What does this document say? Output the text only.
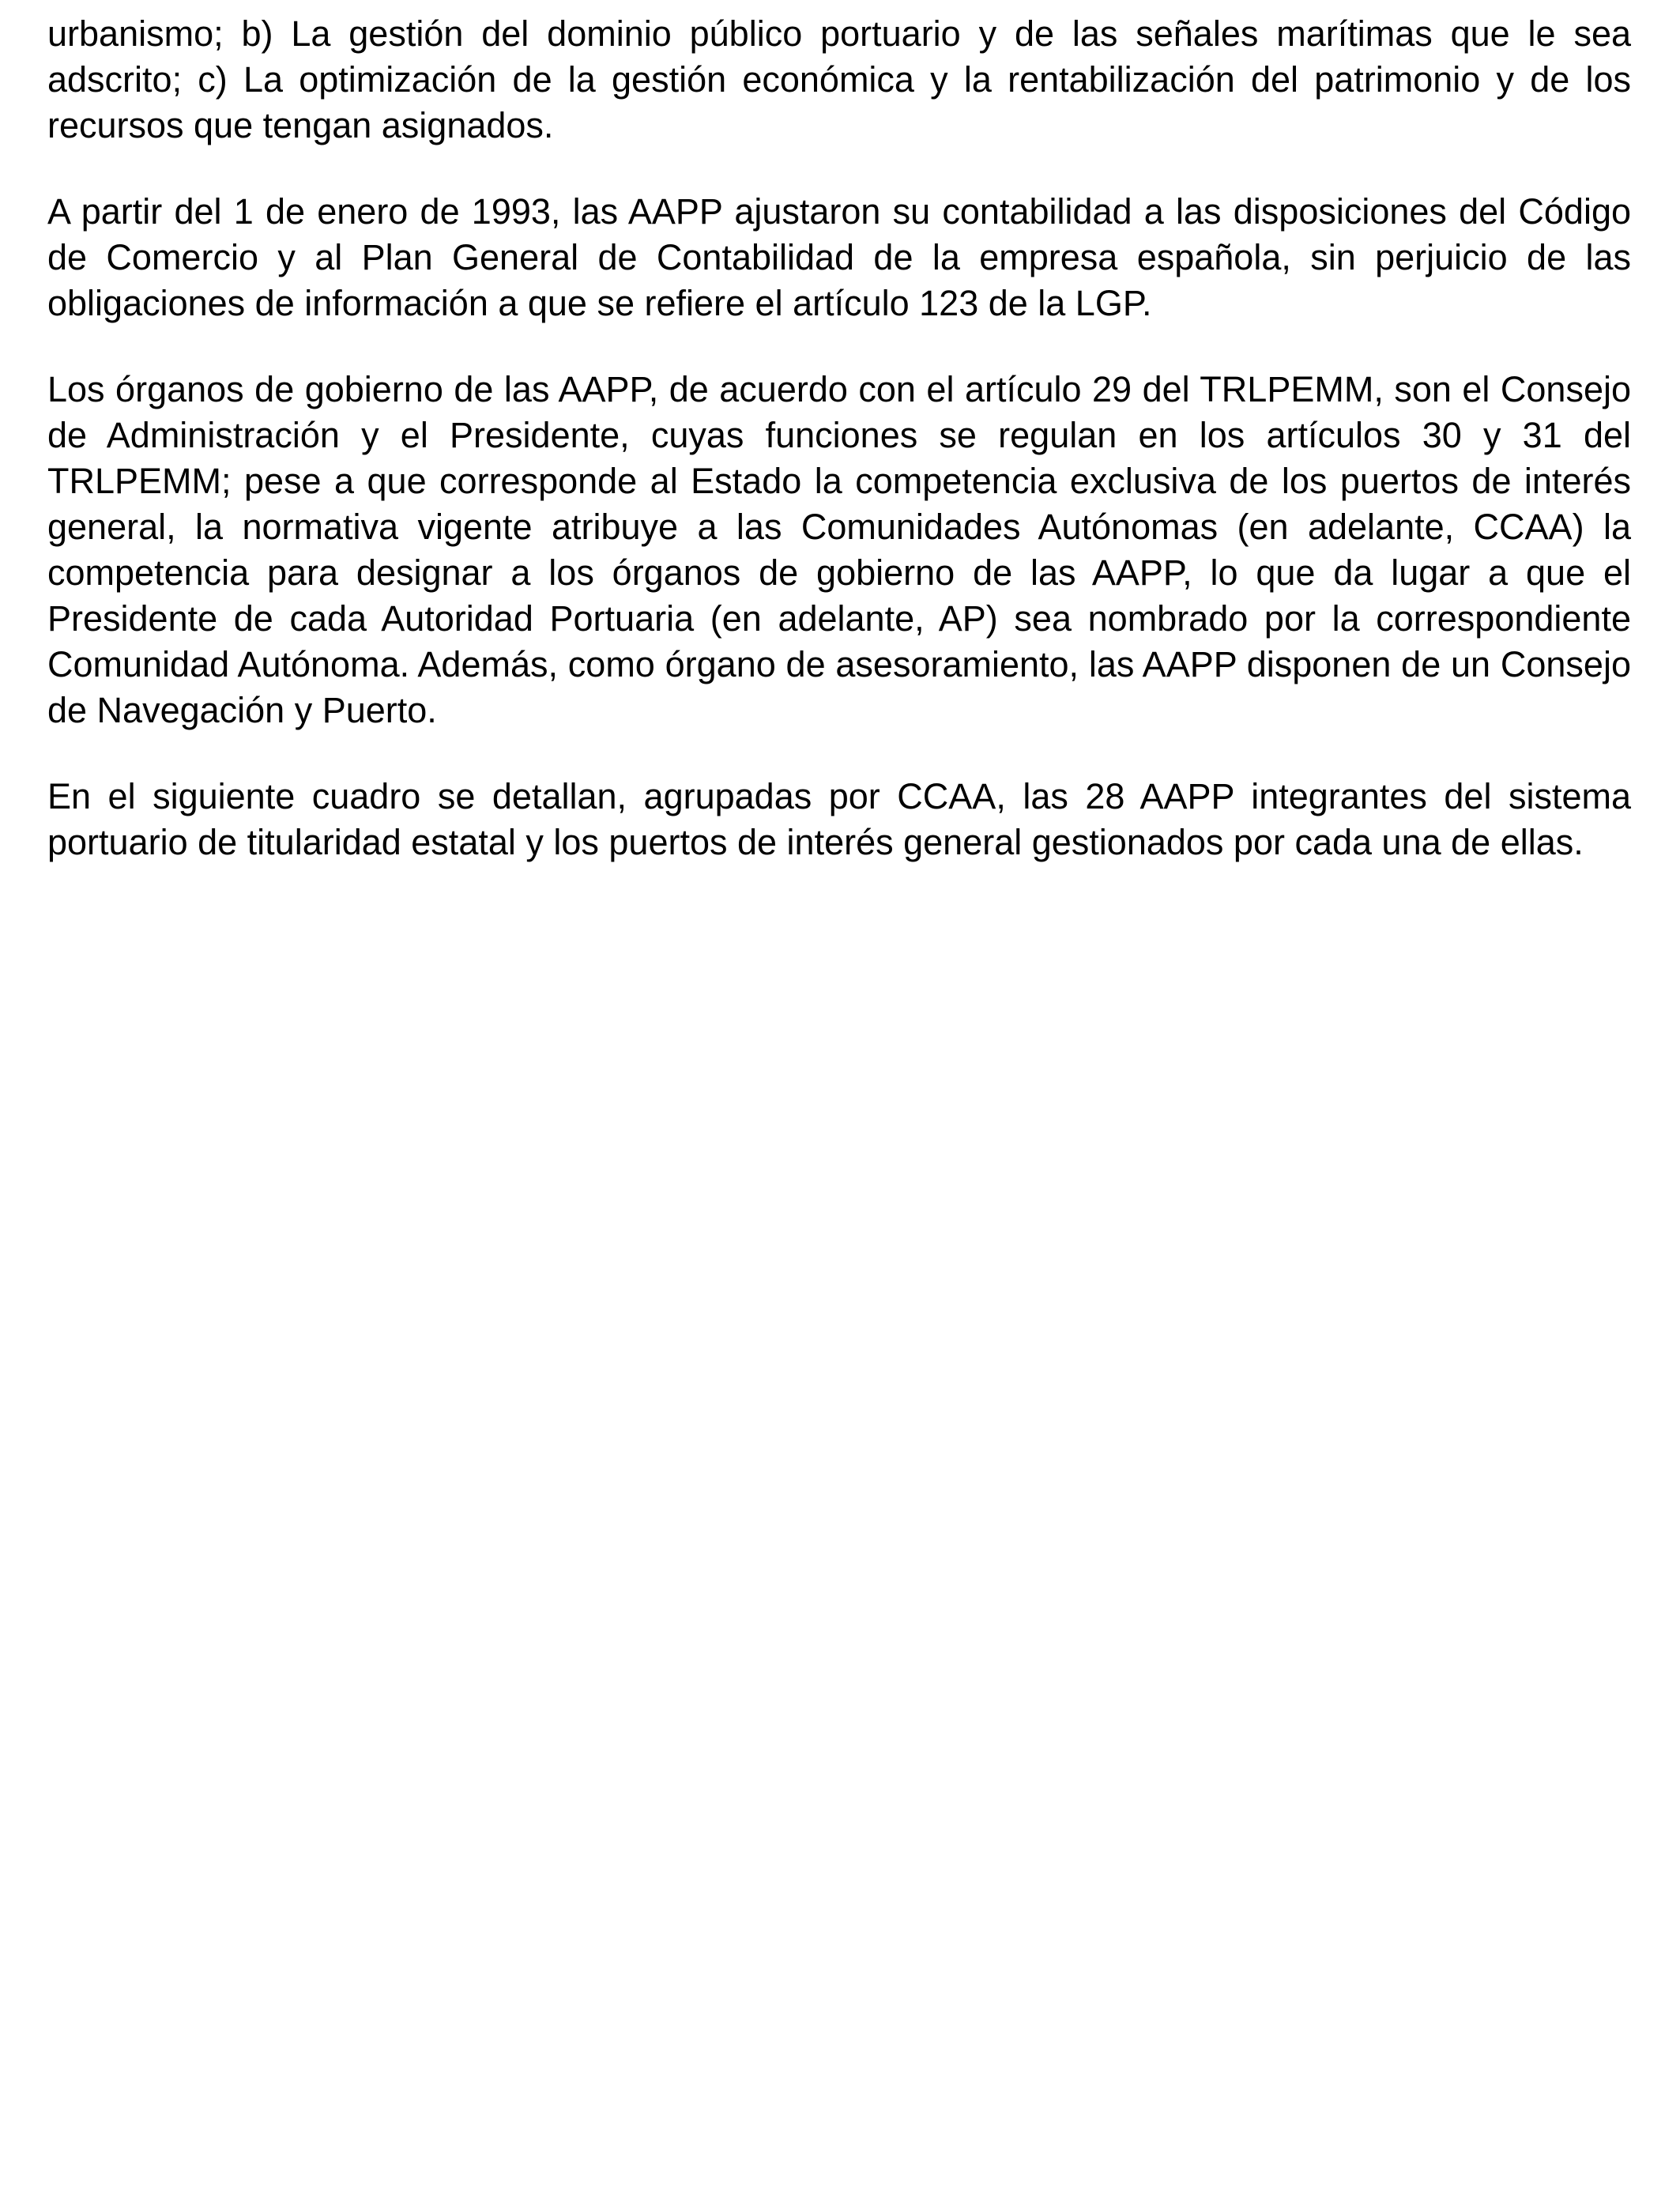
urbanismo; b) La gestión del dominio público portuario y de las señales marítimas que le sea adscrito; c) La optimización de la gestión económica y la rentabilización del patrimonio y de los recursos que tengan asignados.

A partir del 1 de enero de 1993, las AAPP ajustaron su contabilidad a las disposiciones del Código de Comercio y al Plan General de Contabilidad de la empresa española, sin perjuicio de las obligaciones de información a que se refiere el artículo 123 de la LGP.

Los órganos de gobierno de las AAPP, de acuerdo con el artículo 29 del TRLPEMM, son el Consejo de Administración y el Presidente, cuyas funciones se regulan en los artículos 30 y 31 del TRLPEMM; pese a que corresponde al Estado la competencia exclusiva de los puertos de interés general, la normativa vigente atribuye a las Comunidades Autónomas (en adelante, CCAA) la competencia para designar a los órganos de gobierno de las AAPP, lo que da lugar a que el Presidente de cada Autoridad Portuaria (en adelante, AP) sea nombrado por la correspondiente Comunidad Autónoma. Además, como órgano de asesoramiento, las AAPP disponen de un Consejo de Navegación y Puerto.

En el siguiente cuadro se detallan, agrupadas por CCAA, las 28 AAPP integrantes del sistema portuario de titularidad estatal y los puertos de interés general gestionados por cada una de ellas.
